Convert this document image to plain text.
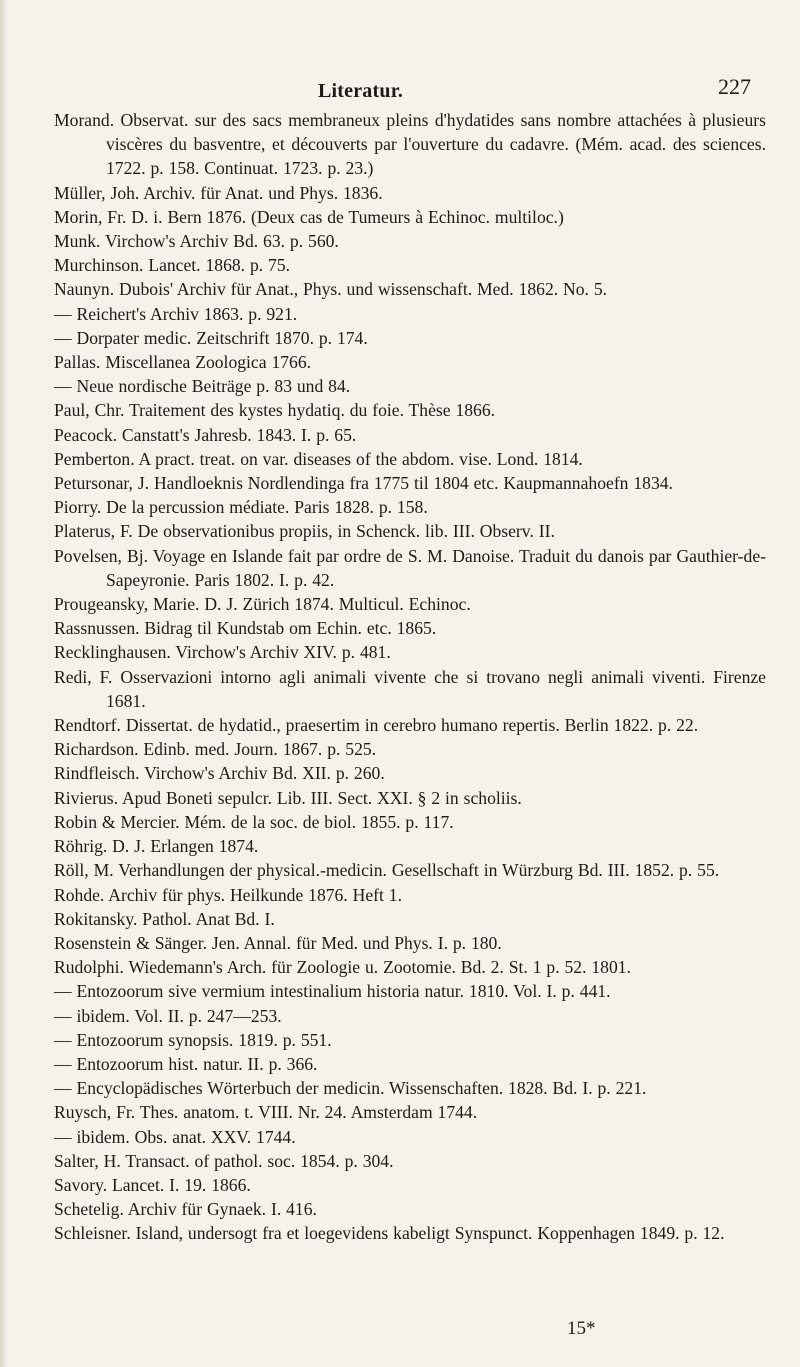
Literatur.	227
Morand. Observat. sur des sacs membraneux pleins d'hydatides sans nombre attachées à plusieurs viscères du basventre, et découverts par l'ouverture du cadavre. (Mém. acad. des sciences. 1722. p. 158. Continuat. 1723. p. 23.)
Müller, Joh. Archiv. für Anat. und Phys. 1836.
Morin, Fr. D. i. Bern 1876. (Deux cas de Tumeurs à Echinoc. multiloc.)
Munk. Virchow's Archiv Bd. 63. p. 560.
Murchinson. Lancet. 1868. p. 75.
Naunyn. Dubois' Archiv für Anat., Phys. und wissenschaft. Med. 1862. No. 5.
— Reichert's Archiv 1863. p. 921.
— Dorpater medic. Zeitschrift 1870. p. 174.
Pallas. Miscellanea Zoologica 1766.
— Neue nordische Beiträge p. 83 und 84.
Paul, Chr. Traitement des kystes hydatiq. du foie. Thèse 1866.
Peacock. Canstatt's Jahresb. 1843. I. p. 65.
Pemberton. A pract. treat. on var. diseases of the abdom. vise. Lond. 1814.
Petursonar, J. Handloeknis Nordlendinga fra 1775 til 1804 etc. Kaupmannahoefn 1834.
Piorry. De la percussion médiate. Paris 1828. p. 158.
Platerus, F. De observationibus propiis, in Schenck. lib. III. Observ. II.
Povelsen, Bj. Voyage en Islande fait par ordre de S. M. Danoise. Traduit du danois par Gauthier-de-Sapeyronie. Paris 1802. I. p. 42.
Prougeansky, Marie. D. J. Zürich 1874. Multicul. Echinoc.
Rassnussen. Bidrag til Kundstab om Echin. etc. 1865.
Recklinghausen. Virchow's Archiv XIV. p. 481.
Redi, F. Osservazioni intorno agli animali vivente che si trovano negli animali viventi. Firenze 1681.
Rendtorf. Dissertat. de hydatid., praesertim in cerebro humano repertis. Berlin 1822. p. 22.
Richardson. Edinb. med. Journ. 1867. p. 525.
Rindfleisch. Virchow's Archiv Bd. XII. p. 260.
Rivierus. Apud Boneti sepulcr. Lib. III. Sect. XXI. § 2 in scholiis.
Robin & Mercier. Mém. de la soc. de biol. 1855. p. 117.
Röhrig. D. J. Erlangen 1874.
Röll, M. Verhandlungen der physical.-medicin. Gesellschaft in Würzburg Bd. III. 1852. p. 55.
Rohde. Archiv für phys. Heilkunde 1876. Heft 1.
Rokitansky. Pathol. Anat Bd. I.
Rosenstein & Sänger. Jen. Annal. für Med. und Phys. I. p. 180.
Rudolphi. Wiedemann's Arch. für Zoologie u. Zootomie. Bd. 2. St. 1 p. 52. 1801.
— Entozoorum sive vermium intestinalium historia natur. 1810. Vol. I. p. 441.
— ibidem. Vol. II. p. 247—253.
— Entozoorum synopsis. 1819. p. 551.
— Entozoorum hist. natur. II. p. 366.
— Encyclopädisches Wörterbuch der medicin. Wissenschaften. 1828. Bd. I. p. 221.
Ruysch, Fr. Thes. anatom. t. VIII. Nr. 24. Amsterdam 1744.
— ibidem. Obs. anat. XXV. 1744.
Salter, H. Transact. of pathol. soc. 1854. p. 304.
Savory. Lancet. I. 19. 1866.
Schetelig. Archiv für Gynaek. I. 416.
Schleisner. Island, undersogt fra et loegevidens kabeligt Synspunct. Koppenhagen 1849. p. 12.
15*
